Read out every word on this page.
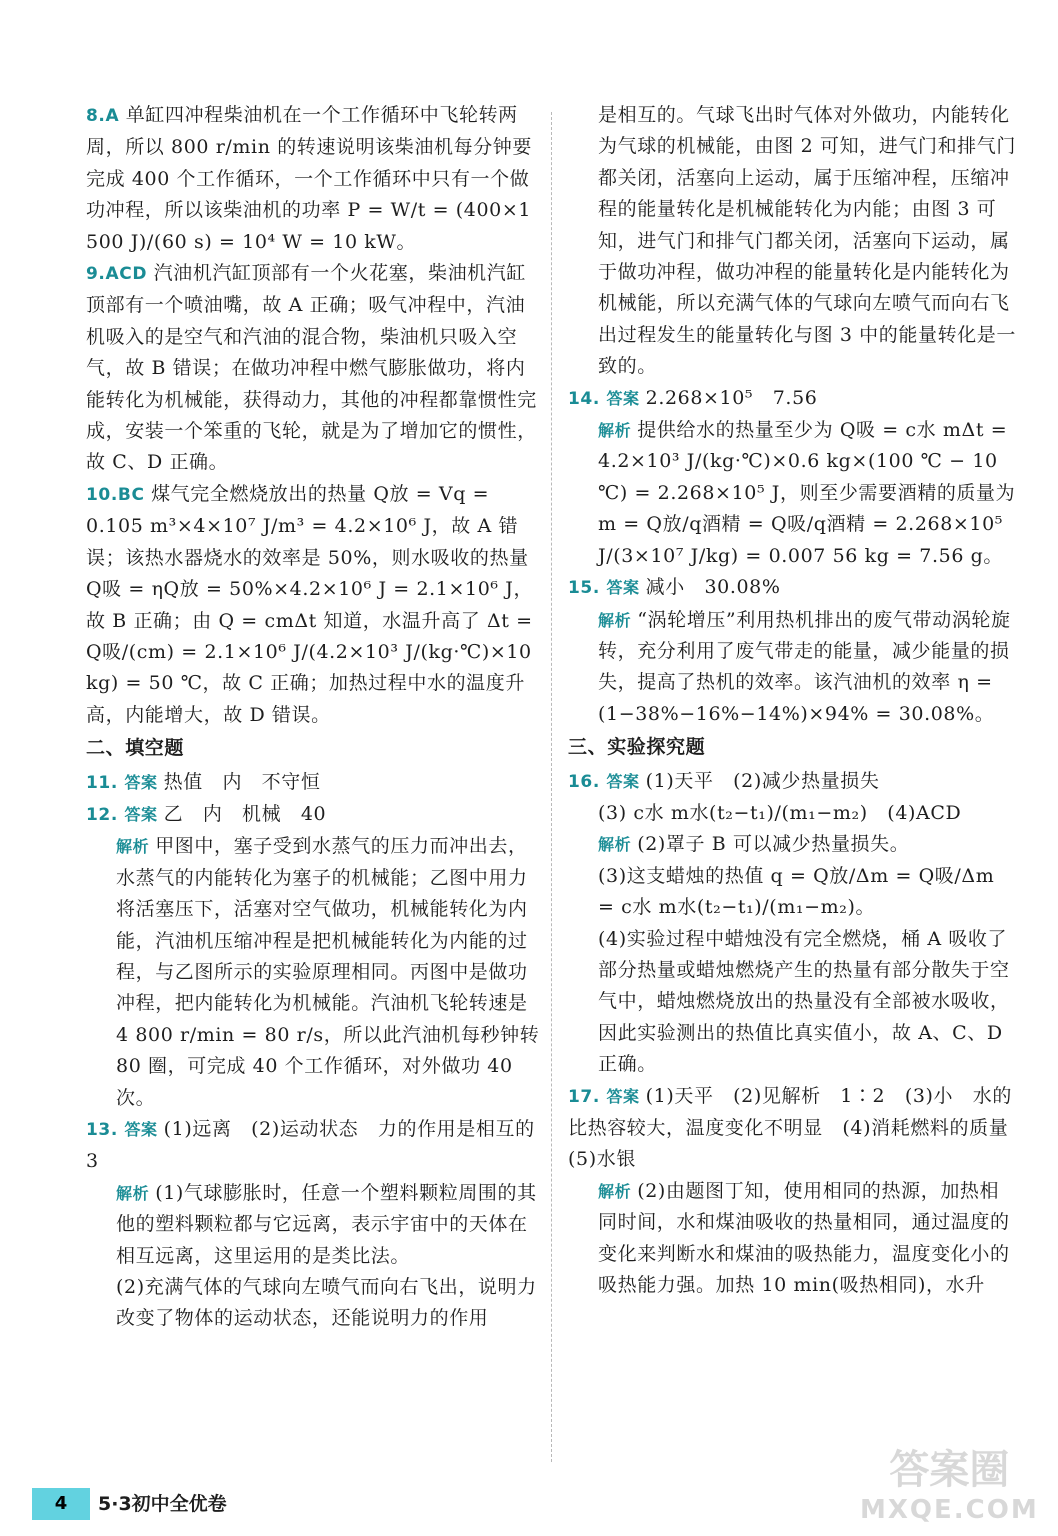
8.A 单缸四冲程柴油机在一个工作循环中飞轮转两周，所以 800 r/min 的转速说明该柴油机每分钟要完成 400 个工作循环，一个工作循环中只有一个做功冲程，所以该柴油机的功率 P = W/t = (400×1 500 J)/(60 s) = 10⁴ W = 10 kW。
9.ACD 汽油机汽缸顶部有一个火花塞，柴油机汽缸顶部有一个喷油嘴，故 A 正确；吸气冲程中，汽油机吸入的是空气和汽油的混合物，柴油机只吸入空气，故 B 错误；在做功冲程中燃气膨胀做功，将内能转化为机械能，获得动力，其他的冲程都靠惯性完成，安装一个笨重的飞轮，就是为了增加它的惯性，故 C、D 正确。
10.BC 煤气完全燃烧放出的热量 Q放 = Vq = 0.105 m³×4×10⁷ J/m³ = 4.2×10⁶ J，故 A 错误；该热水器烧水的效率是 50%，则水吸收的热量 Q吸 = ηQ放 = 50%×4.2×10⁶ J = 2.1×10⁶ J，故 B 正确；由 Q = cmΔt 知道，水温升高了 Δt = Q吸/(cm) = 2.1×10⁶ J/(4.2×10³ J/(kg·℃)×10 kg) = 50 ℃，故 C 正确；加热过程中水的温度升高，内能增大，故 D 错误。
二、填空题
11. 答案 热值　内　不守恒
12. 答案 乙　内　机械　40
解析 甲图中，塞子受到水蒸气的压力而冲出去，水蒸气的内能转化为塞子的机械能；乙图中用力将活塞压下，活塞对空气做功，机械能转化为内能，汽油机压缩冲程是把机械能转化为内能的过程，与乙图所示的实验原理相同。丙图中是做功冲程，把内能转化为机械能。汽油机飞轮转速是 4 800 r/min = 80 r/s，所以此汽油机每秒钟转 80 圈，可完成 40 个工作循环，对外做功 40 次。
13. 答案 (1)远离　(2)运动状态　力的作用是相互的　3
解析 (1)气球膨胀时，任意一个塑料颗粒周围的其他的塑料颗粒都与它远离，表示宇宙中的天体在相互远离，这里运用的是类比法。
(2)充满气体的气球向左喷气而向右飞出，说明力改变了物体的运动状态，还能说明力的作用
是相互的。气球飞出时气体对外做功，内能转化为气球的机械能，由图 2 可知，进气门和排气门都关闭，活塞向上运动，属于压缩冲程，压缩冲程的能量转化是机械能转化为内能；由图 3 可知，进气门和排气门都关闭，活塞向下运动，属于做功冲程，做功冲程的能量转化是内能转化为机械能，所以充满气体的气球向左喷气而向右飞出过程发生的能量转化与图 3 中的能量转化是一致的。
14. 答案 2.268×10⁵　7.56
解析 提供给水的热量至少为 Q吸 = c水 mΔt = 4.2×10³ J/(kg·℃)×0.6 kg×(100 ℃ − 10 ℃) = 2.268×10⁵ J，则至少需要酒精的质量为 m = Q放/q酒精 = Q吸/q酒精 = 2.268×10⁵ J/(3×10⁷ J/kg) = 0.007 56 kg = 7.56 g。
15. 答案 减小　30.08%
解析 “涡轮增压”利用热机排出的废气带动涡轮旋转，充分利用了废气带走的能量，减少能量的损失，提高了热机的效率。该汽油机的效率 η = (1−38%−16%−14%)×94% = 30.08%。
三、实验探究题
16. 答案 (1)天平　(2)减少热量损失
(3) c水 m水(t₂−t₁)/(m₁−m₂)　(4)ACD
解析 (2)罩子 B 可以减少热量损失。
(3)这支蜡烛的热值 q = Q放/Δm = Q吸/Δm = c水 m水(t₂−t₁)/(m₁−m₂)。
(4)实验过程中蜡烛没有完全燃烧，桶 A 吸收了部分热量或蜡烛燃烧产生的热量有部分散失于空气中，蜡烛燃烧放出的热量没有全部被水吸收，因此实验测出的热值比真实值小，故 A、C、D 正确。
17. 答案 (1)天平　(2)见解析　1∶2　(3)小　水的比热容较大，温度变化不明显　(4)消耗燃料的质量　(5)水银
解析 (2)由题图丁知，使用相同的热源，加热相同时间，水和煤油吸收的热量相同，通过温度的变化来判断水和煤油的吸热能力，温度变化小的吸热能力强。加热 10 min(吸热相同)，水升
4 5·3初中全优卷
答案圈
MXQE.COM
